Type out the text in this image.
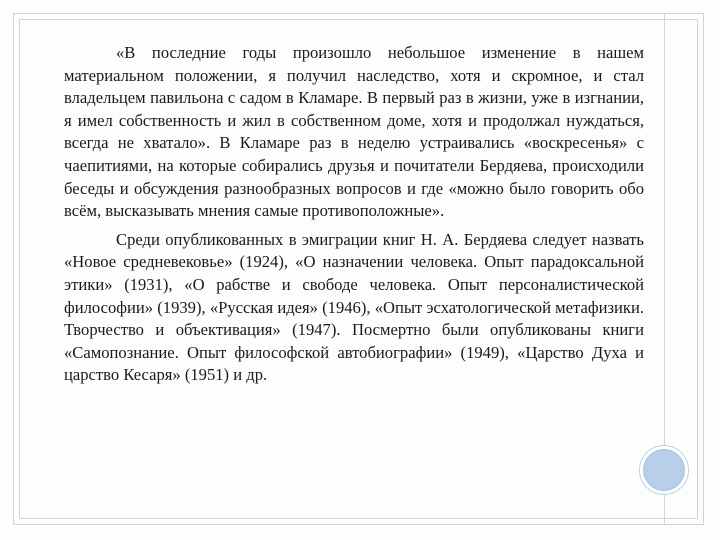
«В последние годы произошло небольшое изменение в нашем материальном положении, я получил наследство, хотя и скромное, и стал владельцем павильона с садом в Кламаре. В первый раз в жизни, уже в изгнании, я имел собственность и жил в собственном доме, хотя и продолжал нуждаться, всегда не хватало». В Кламаре раз в неделю устраивались «воскресенья» с чаепитиями, на которые собирались друзья и почитатели Бердяева, происходили беседы и обсуждения разнообразных вопросов и где «можно было говорить обо всём, высказывать мнения самые противоположные».

Среди опубликованных в эмиграции книг Н. А. Бердяева следует назвать «Новое средневековье» (1924), «О назначении человека. Опыт парадоксальной этики» (1931), «О рабстве и свободе человека. Опыт персоналистической философии» (1939), «Русская идея» (1946), «Опыт эсхатологической метафизики. Творчество и объективация» (1947). Посмертно были опубликованы книги «Самопознание. Опыт философской автобиографии» (1949), «Царство Духа и царство Кесаря» (1951) и др.
